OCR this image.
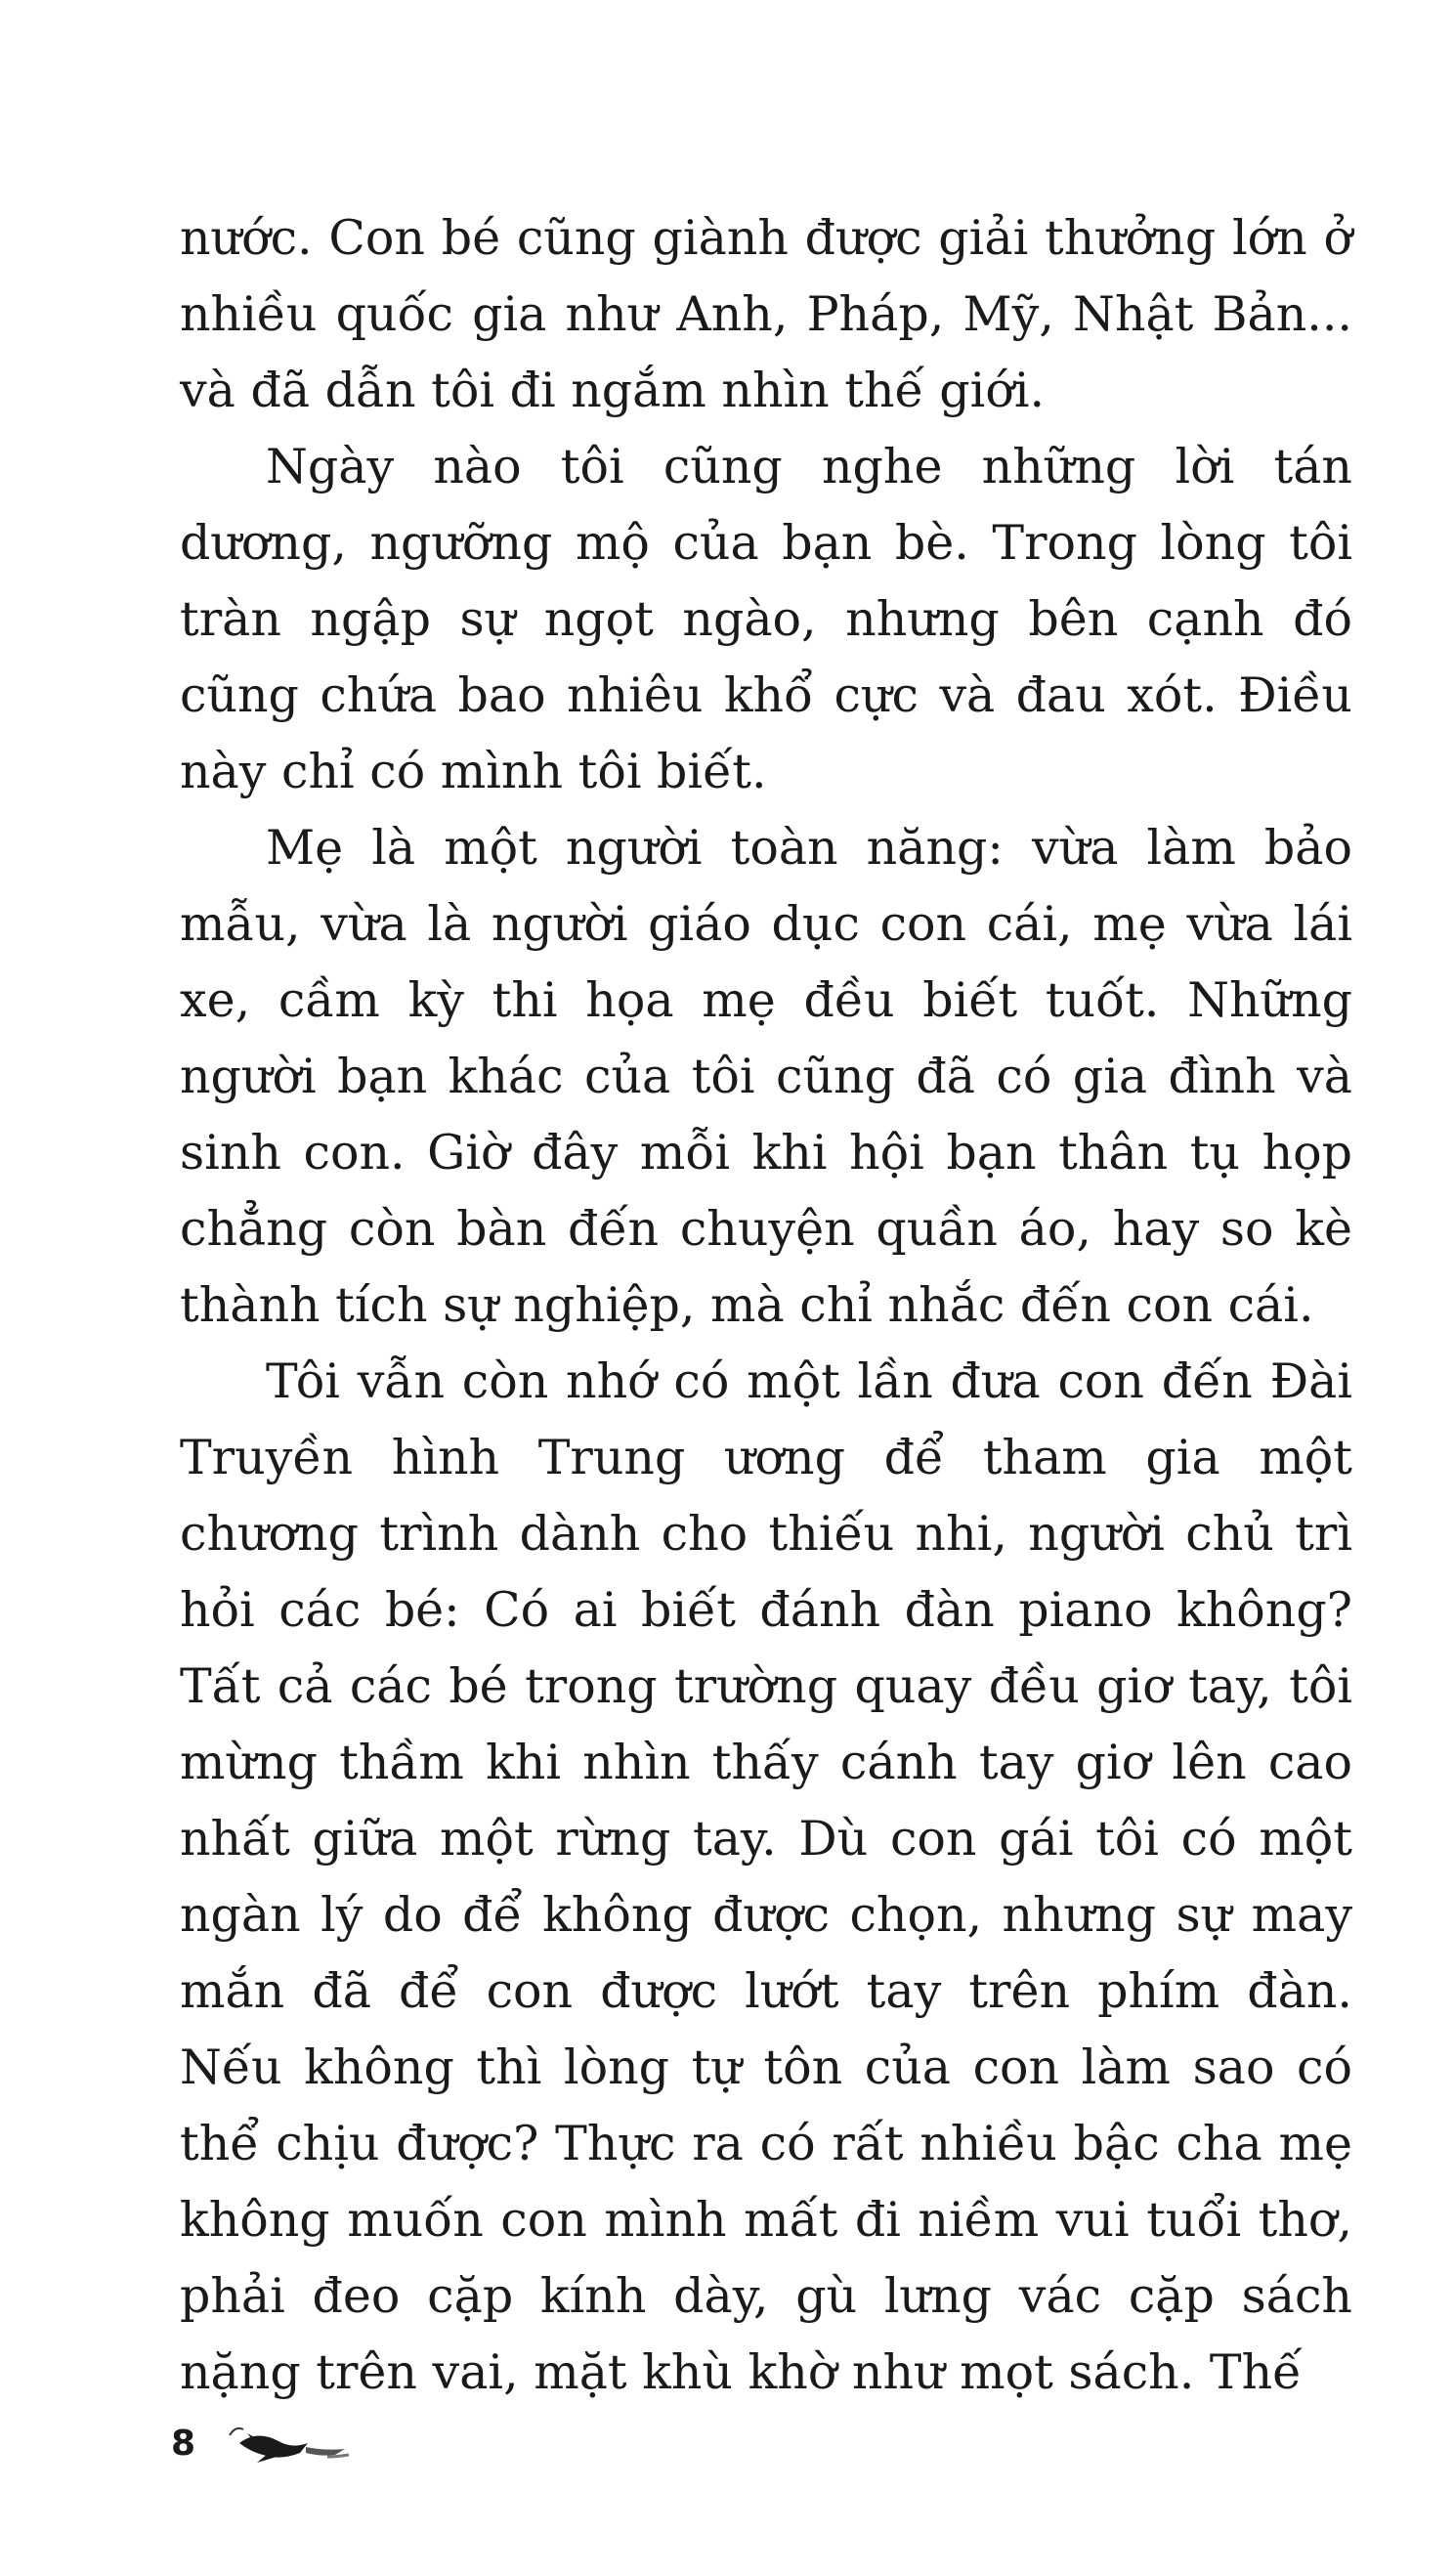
nước. Con bé cũng giành được giải thưởng lớn ở nhiều quốc gia như Anh, Pháp, Mỹ, Nhật Bản... và đã dẫn tôi đi ngắm nhìn thế giới.

Ngày nào tôi cũng nghe những lời tán dương, ngưỡng mộ của bạn bè. Trong lòng tôi tràn ngập sự ngọt ngào, nhưng bên cạnh đó cũng chứa bao nhiêu khổ cực và đau xót. Điều này chỉ có mình tôi biết.

Mẹ là một người toàn năng: vừa làm bảo mẫu, vừa là người giáo dục con cái, mẹ vừa lái xe, cầm kỳ thi họa mẹ đều biết tuốt. Những người bạn khác của tôi cũng đã có gia đình và sinh con. Giờ đây mỗi khi hội bạn thân tụ họp chẳng còn bàn đến chuyện quần áo, hay so kè thành tích sự nghiệp, mà chỉ nhắc đến con cái.

Tôi vẫn còn nhớ có một lần đưa con đến Đài Truyền hình Trung ương để tham gia một chương trình dành cho thiếu nhi, người chủ trì hỏi các bé: Có ai biết đánh đàn piano không? Tất cả các bé trong trường quay đều giơ tay, tôi mừng thầm khi nhìn thấy cánh tay giơ lên cao nhất giữa một rừng tay. Dù con gái tôi có một ngàn lý do để không được chọn, nhưng sự may mắn đã để con được lướt tay trên phím đàn. Nếu không thì lòng tự tôn của con làm sao có thể chịu được? Thực ra có rất nhiều bậc cha mẹ không muốn con mình mất đi niềm vui tuổi thơ, phải đeo cặp kính dày, gù lưng vác cặp sách nặng trên vai, mặt khù khờ như mọt sách. Thế

8
